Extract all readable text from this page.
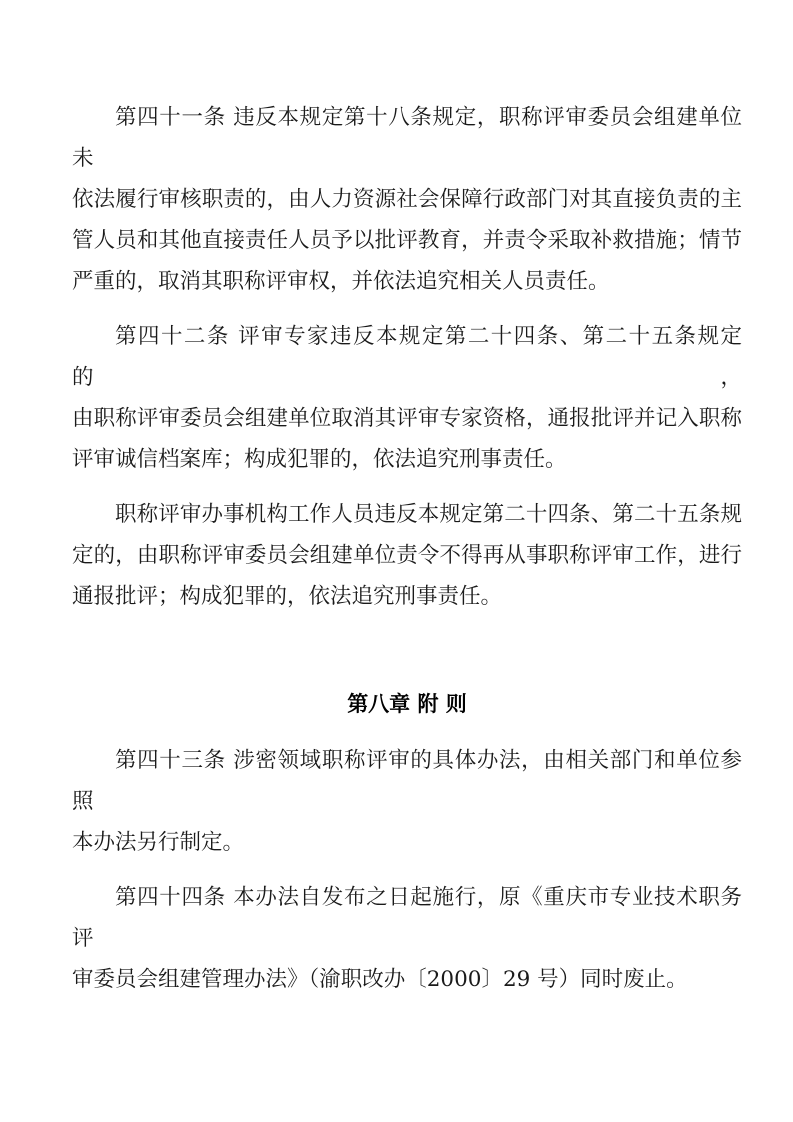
第四十一条 违反本规定第十八条规定，职称评审委员会组建单位未
依法履行审核职责的，由人力资源社会保障行政部门对其直接负责的主
管人员和其他直接责任人员予以批评教育，并责令采取补救措施；情节
严重的，取消其职称评审权，并依法追究相关人员责任。
第四十二条 评审专家违反本规定第二十四条、第二十五条规定的，
由职称评审委员会组建单位取消其评审专家资格，通报批评并记入职称
评审诚信档案库；构成犯罪的，依法追究刑事责任。
职称评审办事机构工作人员违反本规定第二十四条、第二十五条规
定的，由职称评审委员会组建单位责令不得再从事职称评审工作，进行
通报批评；构成犯罪的，依法追究刑事责任。
第八章 附 则
第四十三条 涉密领域职称评审的具体办法，由相关部门和单位参照
本办法另行制定。
第四十四条 本办法自发布之日起施行，原《重庆市专业技术职务评
审委员会组建管理办法》（渝职改办〔2000〕29 号）同时废止。
